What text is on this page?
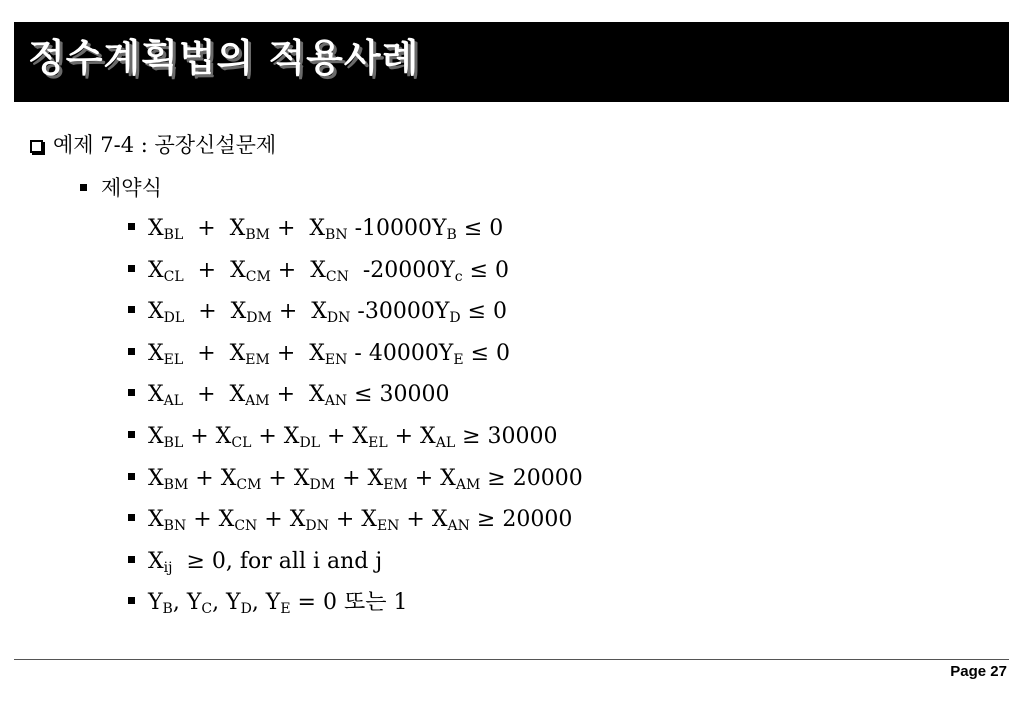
정수계획법의 적용사례
예제 7-4 : 공장신설문제
제약식
$X_{BL} + X_{BM} + X_{BN}$ $-10000Y_B \le 0$
$X_{CL} + X_{CM} + X_{CN}$  $-20000Y_c \le 0$
$X_{DL} + X_{DM} + X_{DN}$ $-30000Y_D \le 0$
$X_{EL} + X_{EM} + X_{EN} - 40000Y_E \le 0$
$X_{AL} + X_{AM} + X_{AN} \le 30000$
$X_{BL} + X_{CL} + X_{DL} + X_{EL} + X_{AL} \ge 30000$
$X_{BM} + X_{CM} + X_{DM} + X_{EM} + X_{AM} \ge 20000$
$X_{BN} + X_{CN} + X_{DN} + X_{EN} + X_{AN} \ge 20000$
$X_{ij} \ge 0$, for all i and j
$Y_B$, $Y_C$, $Y_D$, $Y_E = 0$ 또는 1
Page 27
